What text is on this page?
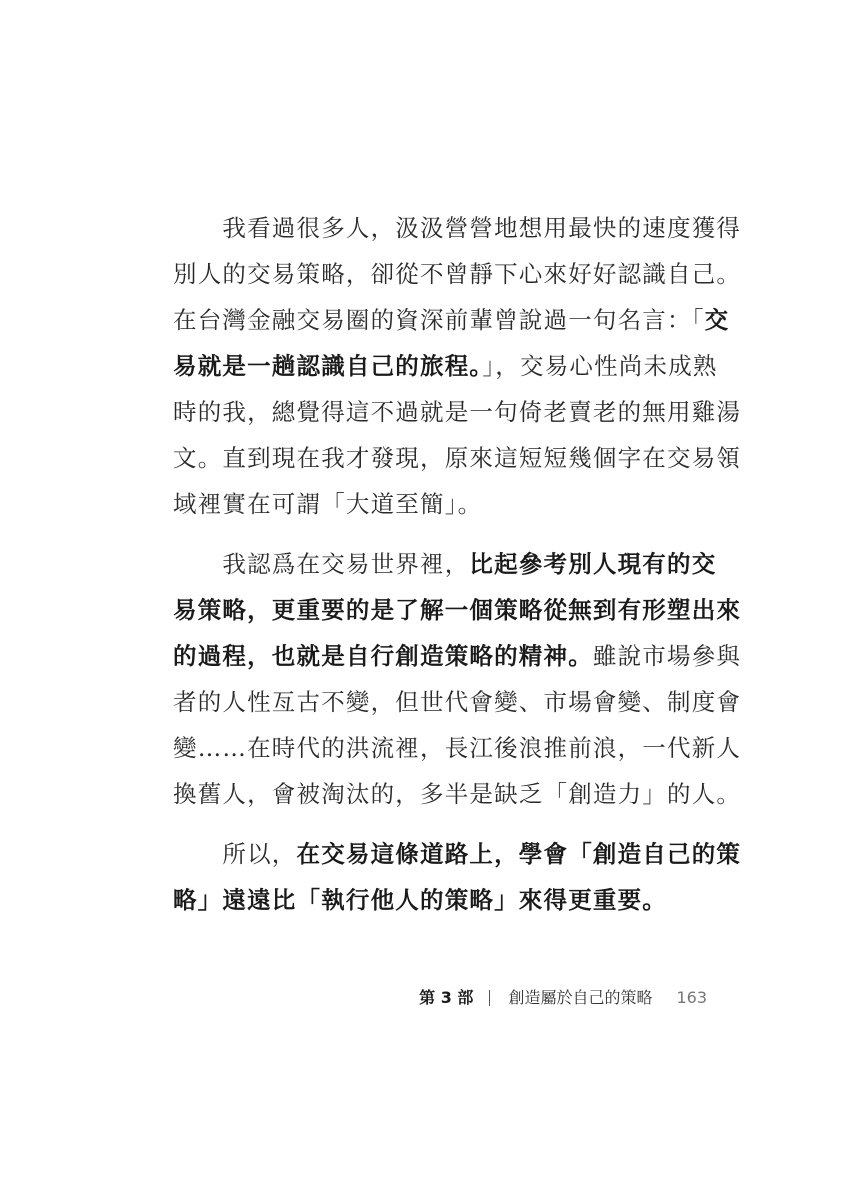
　　我看過很多人，汲汲營營地想用最快的速度獲得
別人的交易策略，卻從不曾靜下心來好好認識自己。
在台灣金融交易圈的資深前輩曾說過一句名言：「交
易就是一趟認識自己的旅程。」，交易心性尚未成熟
時的我，總覺得這不過就是一句倚老賣老的無用雞湯
文。直到現在我才發現，原來這短短幾個字在交易領
域裡實在可謂「大道至簡」。
　　我認爲在交易世界裡，比起參考別人現有的交
易策略，更重要的是了解一個策略從無到有形塑出來
的過程，也就是自行創造策略的精神。雖說市場參與
者的人性亙古不變，但世代會變、市場會變、制度會
變……在時代的洪流裡，長江後浪推前浪，一代新人
換舊人，會被淘汰的，多半是缺乏「創造力」的人。
　　所以，在交易這條道路上，學會「創造自己的策
略」遠遠比「執行他人的策略」來得更重要。
第 3 部 創造屬於自己的策略 163
